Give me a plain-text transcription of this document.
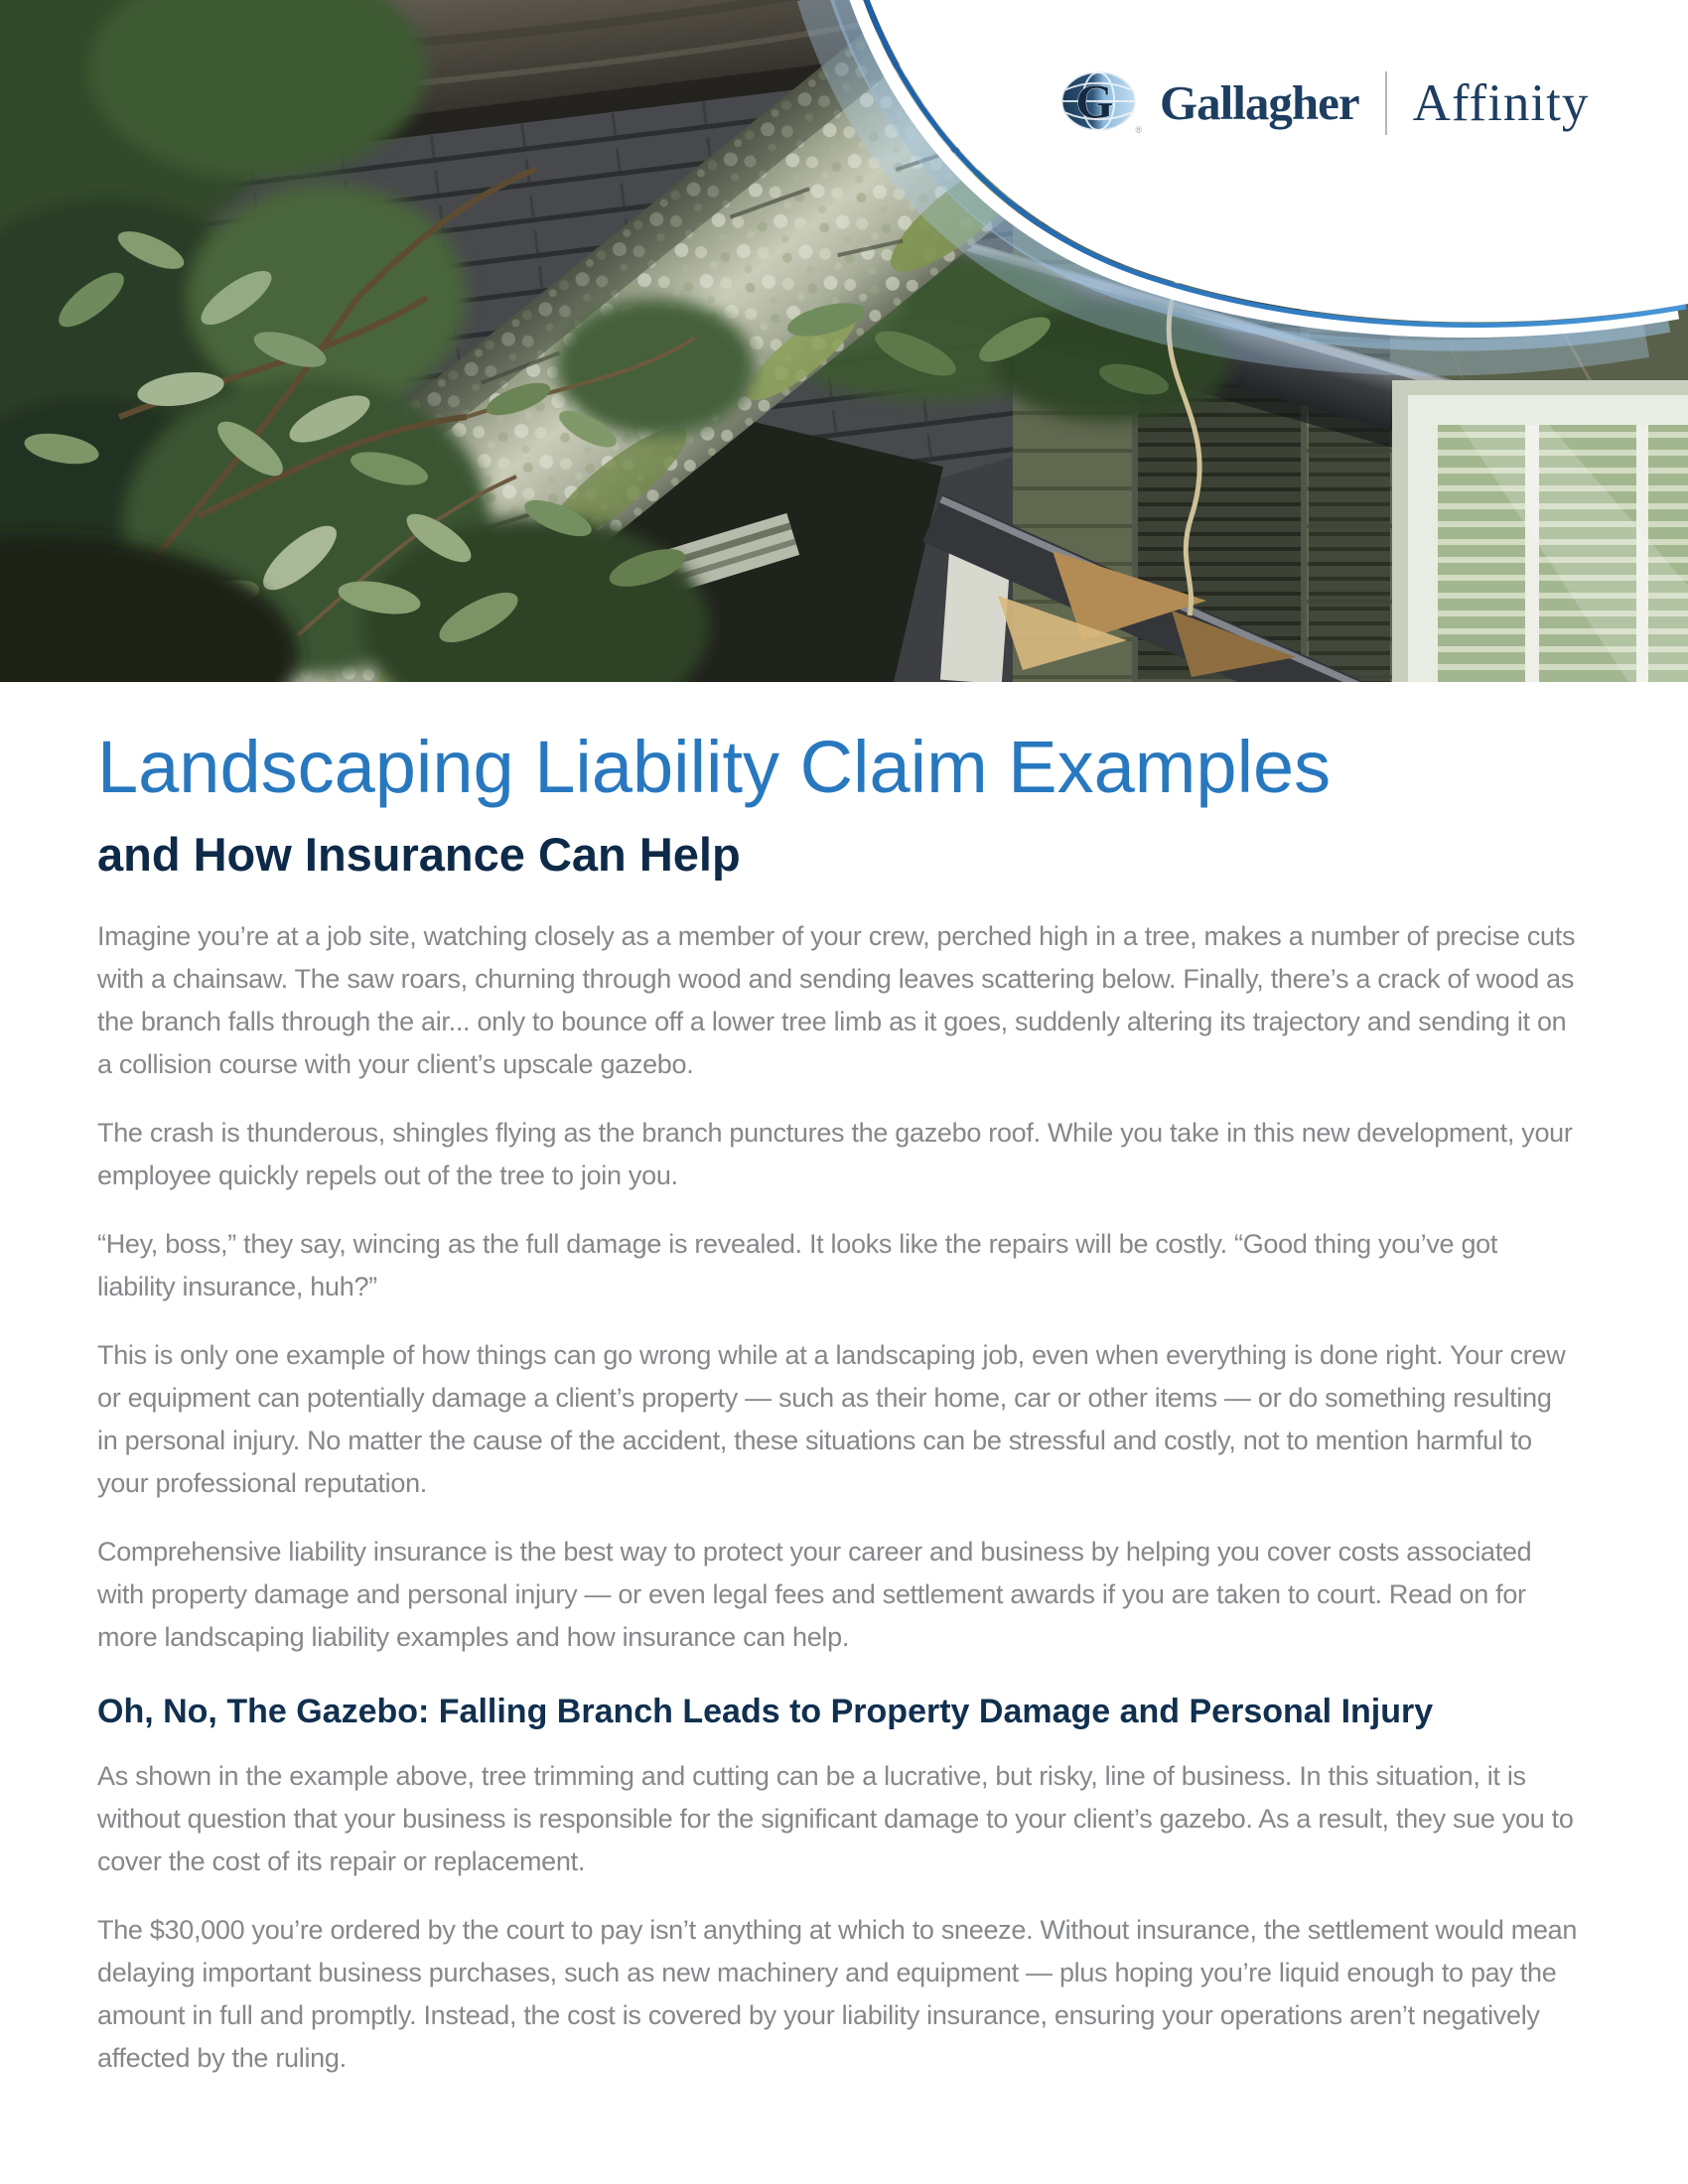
G
® Gallagher Affinity
Landscaping Liability Claim Examples
and How Insurance Can Help

Imagine you’re at a job site, watching closely as a member of your crew, perched high in a tree, makes a number of precise cuts with a chainsaw. The saw roars, churning through wood and sending leaves scattering below. Finally, there’s a crack of wood as the branch falls through the air... only to bounce off a lower tree limb as it goes, suddenly altering its trajectory and sending it on a collision course with your client’s upscale gazebo.

The crash is thunderous, shingles flying as the branch punctures the gazebo roof. While you take in this new development, your employee quickly repels out of the tree to join you.

“Hey, boss,” they say, wincing as the full damage is revealed. It looks like the repairs will be costly. “Good thing you’ve got liability insurance, huh?”

This is only one example of how things can go wrong while at a landscaping job, even when everything is done right. Your crew or equipment can potentially damage a client’s property — such as their home, car or other items — or do something resulting in personal injury. No matter the cause of the accident, these situations can be stressful and costly, not to mention harmful to your professional reputation.

Comprehensive liability insurance is the best way to protect your career and business by helping you cover costs associated with property damage and personal injury — or even legal fees and settlement awards if you are taken to court. Read on for more landscaping liability examples and how insurance can help.

Oh, No, The Gazebo: Falling Branch Leads to Property Damage and Personal Injury

As shown in the example above, tree trimming and cutting can be a lucrative, but risky, line of business. In this situation, it is without question that your business is responsible for the significant damage to your client’s gazebo. As a result, they sue you to cover the cost of its repair or replacement.

The $30,000 you’re ordered by the court to pay isn’t anything at which to sneeze. Without insurance, the settlement would mean delaying important business purchases, such as new machinery and equipment — plus hoping you’re liquid enough to pay the amount in full and promptly. Instead, the cost is covered by your liability insurance, ensuring your operations aren’t negatively affected by the ruling.
